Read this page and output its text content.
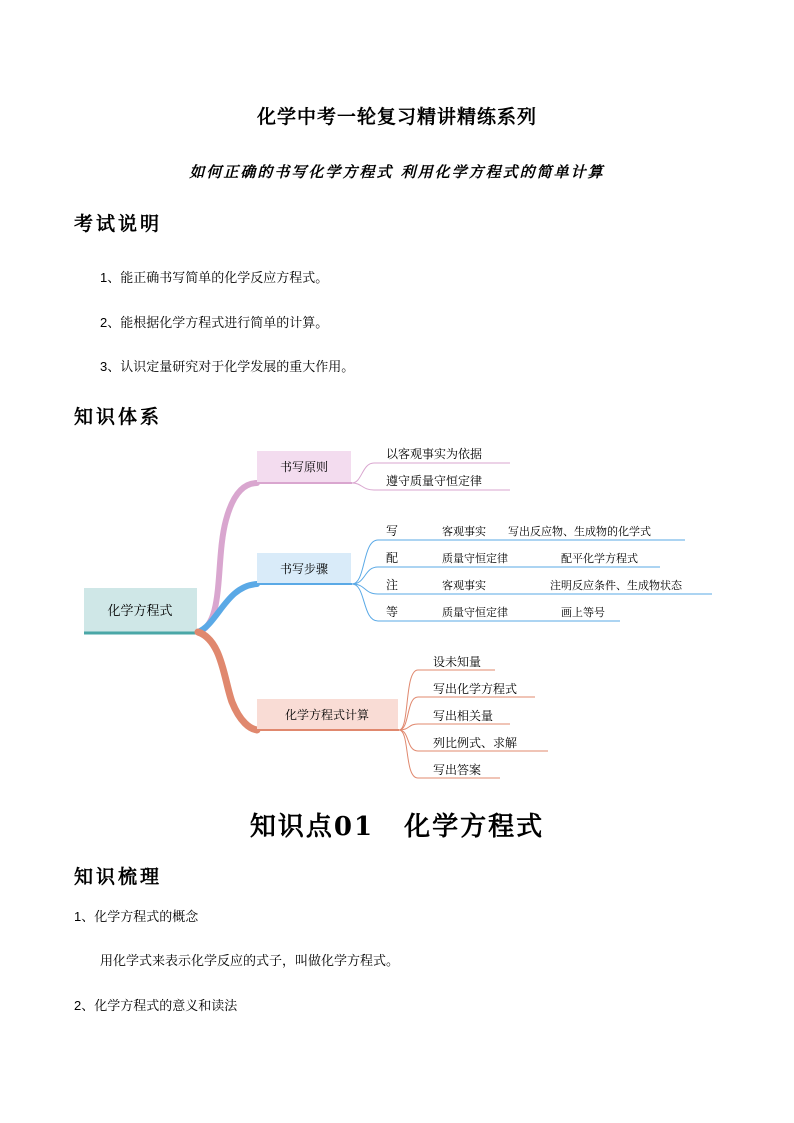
化学中考一轮复习精讲精练系列
如何正确的书写化学方程式 利用化学方程式的简单计算
考试说明
1、能正确书写简单的化学反应方程式。
2、能根据化学方程式进行简单的计算。
3、认识定量研究对于化学发展的重大作用。
知识体系
化学方程式
书写原则
以客观事实为依据
遵守质量守恒定律
书写步骤
写	客观事实 写出反应物、生成物的化学式
配	质量守恒定律	配平化学方程式
注	客观事实	注明反应条件、生成物状态
等	质量守恒定律	画上等号
化学方程式计算
设未知量
写出化学方程式
写出相关量
列比例式、求解
写出答案
知识点01 化学方程式
知识梳理
1、化学方程式的概念
用化学式来表示化学反应的式子，叫做化学方程式。
2、化学方程式的意义和读法
